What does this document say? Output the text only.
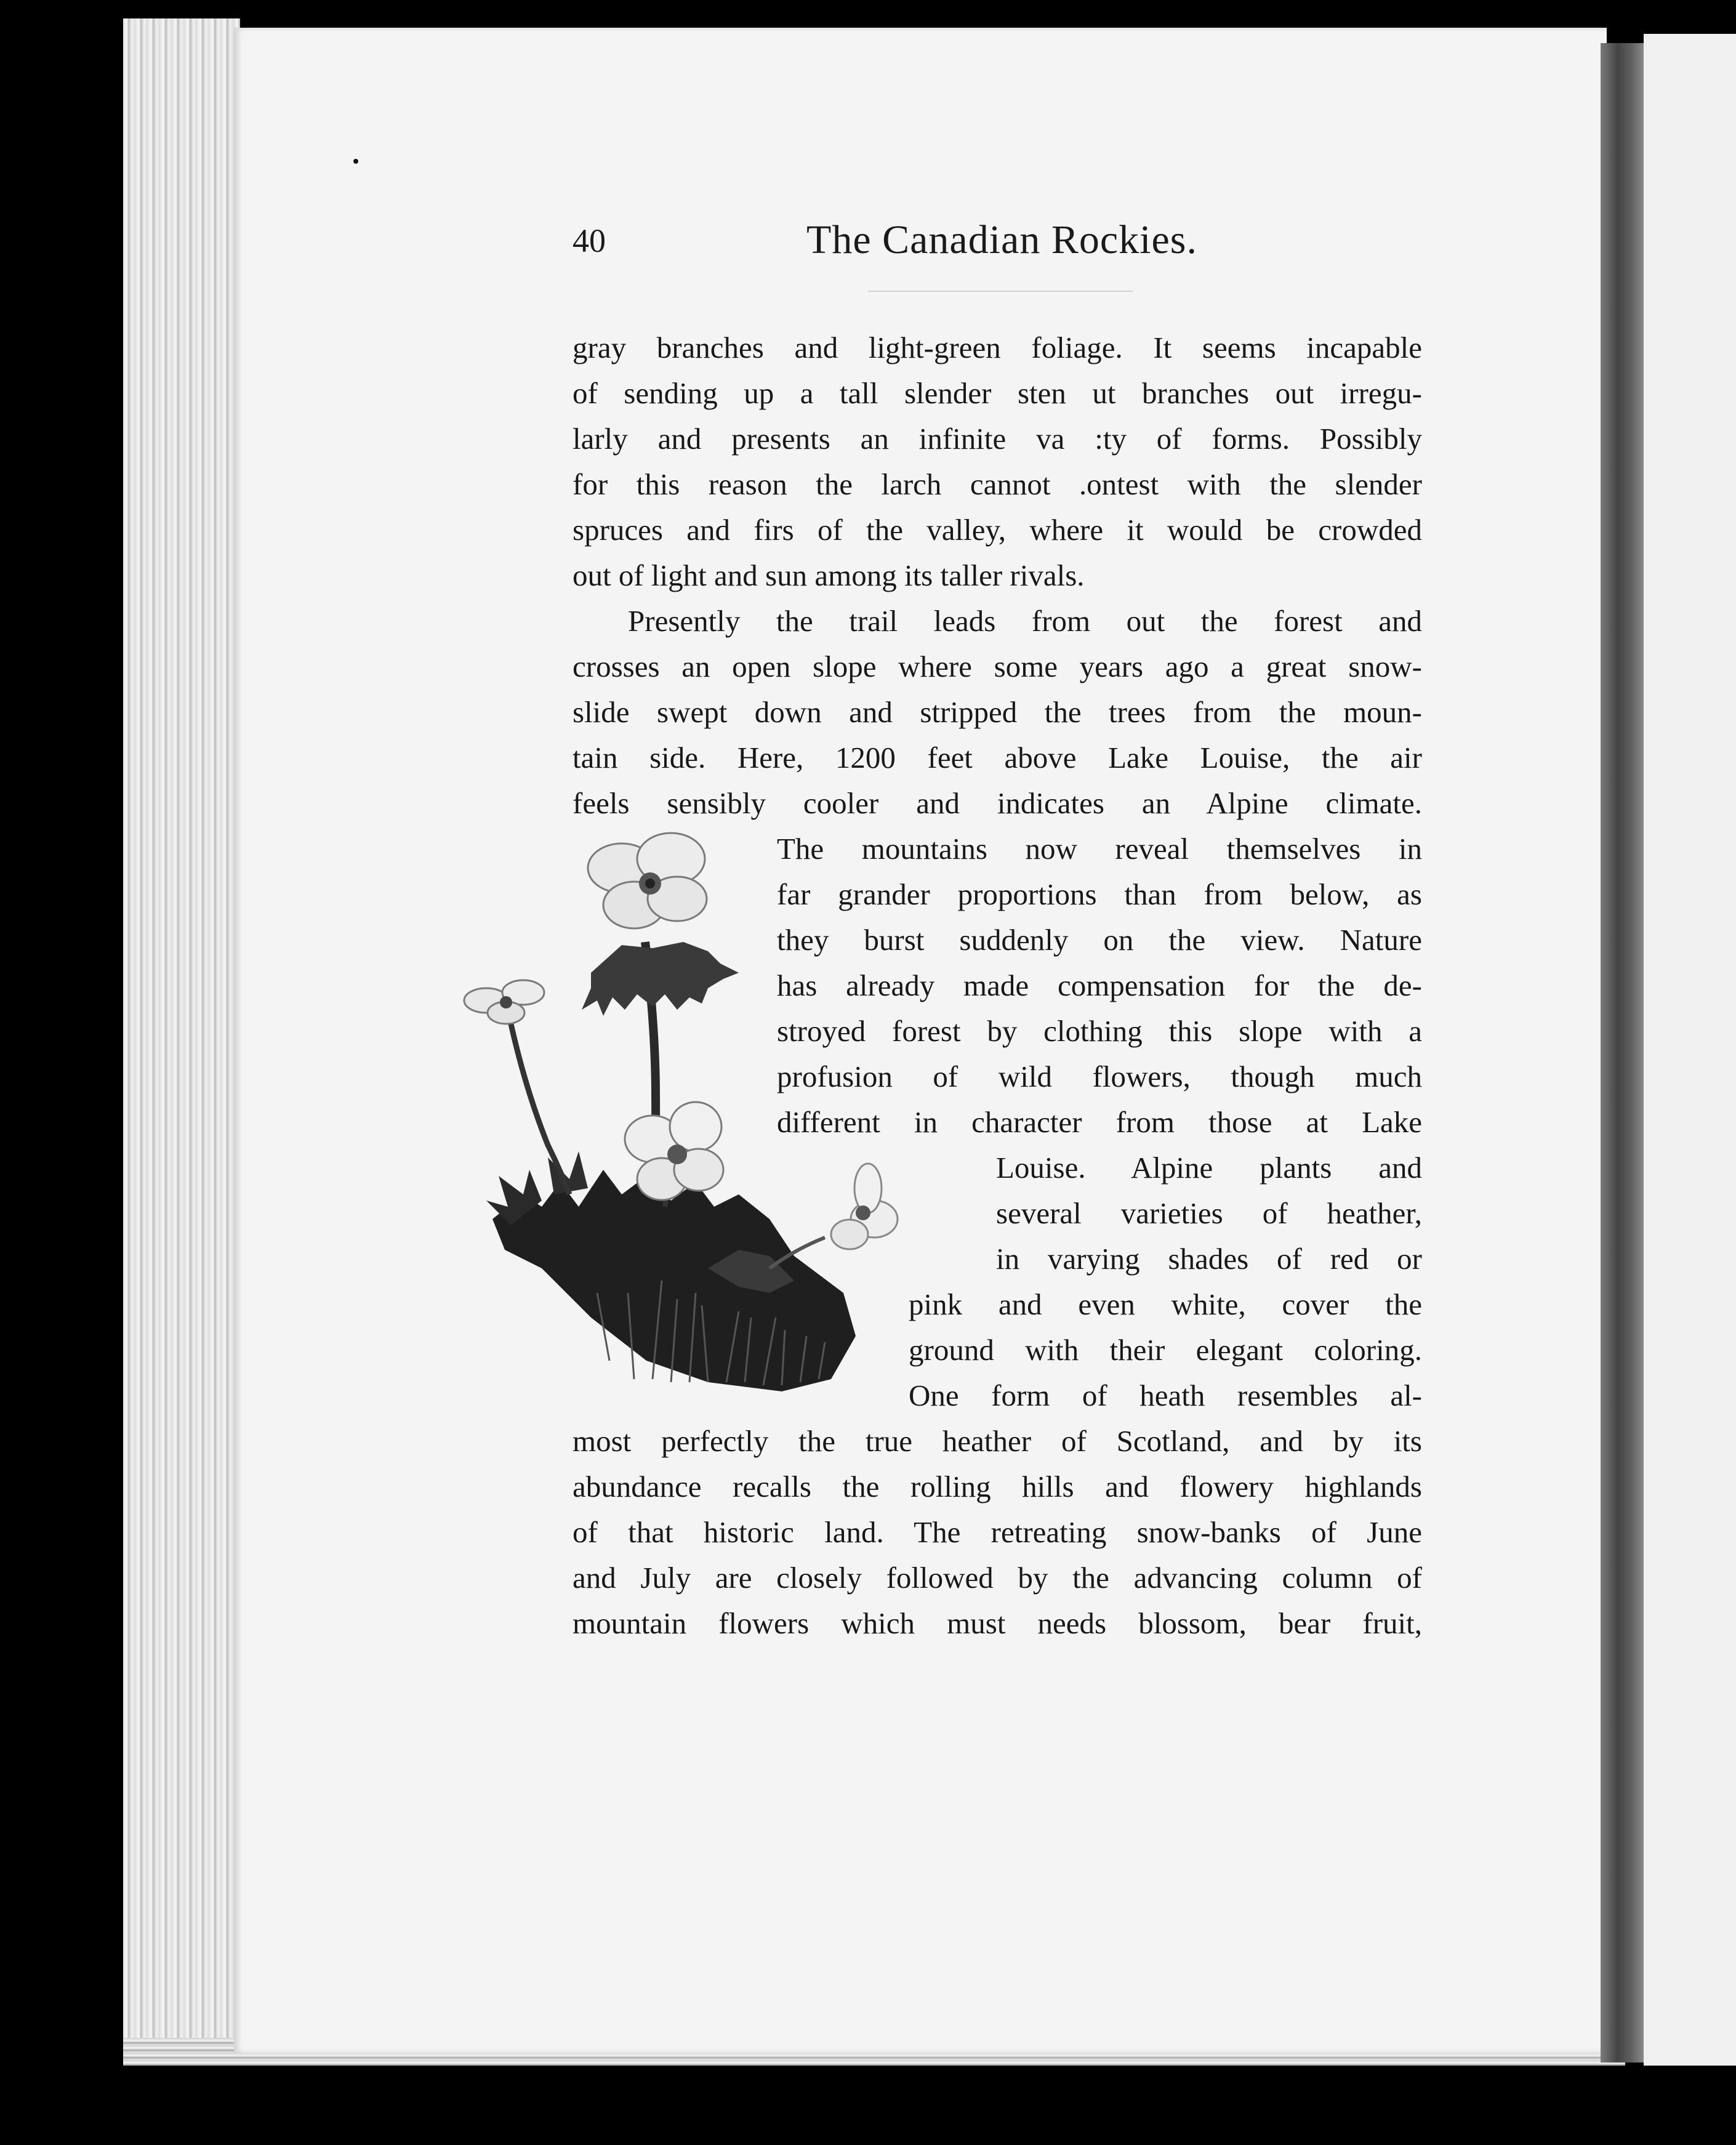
40	The Canadian Rockies.
gray branches and light-green foliage. It seems incapable
of sending up a tall slender sten ut branches out irregu-
larly and presents an infinite va :ty of forms. Possibly
for this reason the larch cannot .ontest with the slender
spruces and firs of the valley, where it would be crowded
out of light and sun among its taller rivals.
Presently the trail leads from out the forest and
crosses an open slope where some years ago a great snow-
slide swept down and stripped the trees from the moun-
tain side. Here, 1200 feet above Lake Louise, the air
feels sensibly cooler and indicates an Alpine climate.
The mountains now reveal themselves in
far grander proportions than from below, as
they burst suddenly on the view. Nature
has already made compensation for the de-
stroyed forest by clothing this slope with a
profusion of wild flowers, though much
different in character from those at Lake
Louise. Alpine plants and
several varieties of heather,
in varying shades of red or
pink and even white, cover the
ground with their elegant coloring.
One form of heath resembles al-
most perfectly the true heather of Scotland, and by its
abundance recalls the rolling hills and flowery highlands
of that historic land. The retreating snow-banks of June
and July are closely followed by the advancing column of
mountain flowers which must needs blossom, bear fruit,
